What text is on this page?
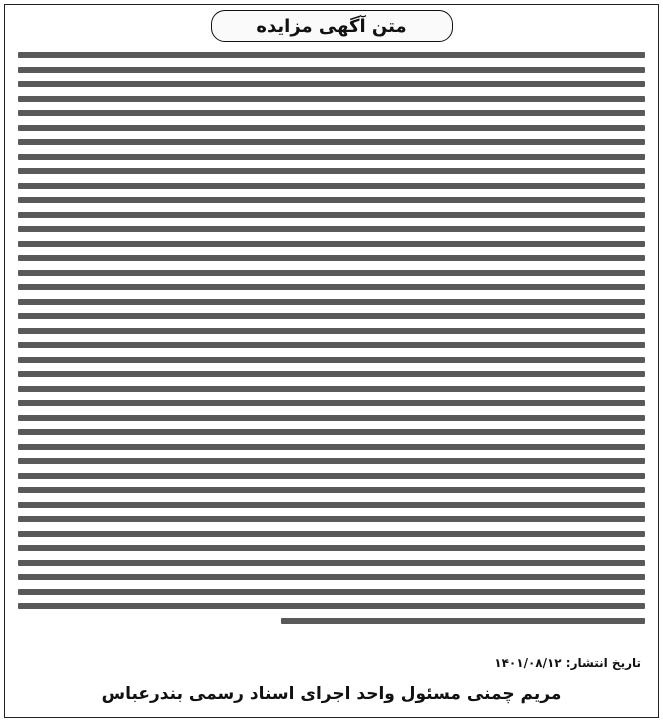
متن آگهی مزایده
تاریخ انتشار: ۱۴۰۱/۰۸/۱۲
مریم چمنی مسئول واحد اجرای اسناد رسمی بندرعباس
